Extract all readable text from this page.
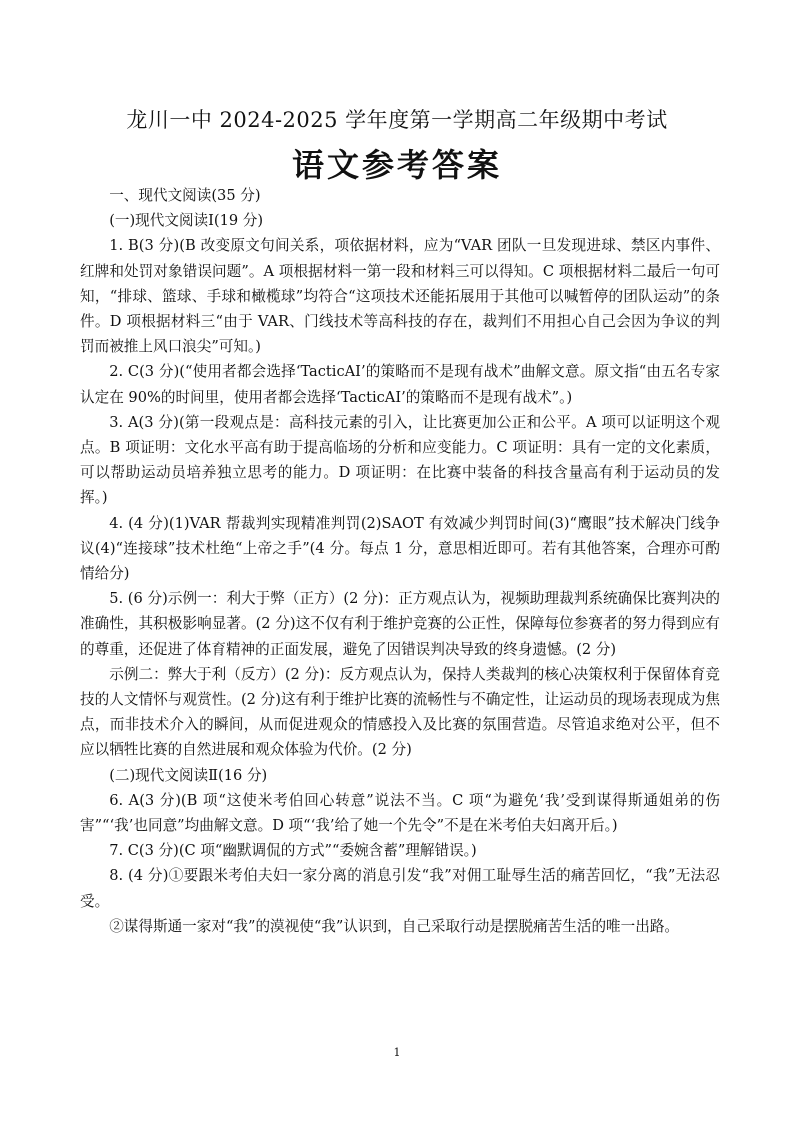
龙川一中 2024-2025 学年度第一学期高二年级期中考试
语文参考答案

一、现代文阅读(35 分)

(一)现代文阅读Ⅰ(19 分)

1. B(3 分)(B 改变原文句间关系，项依据材料，应为“VAR 团队一旦发现进球、禁区内事件、红牌和处罚对象错误问题”。A 项根据材料一第一段和材料三可以得知。C 项根据材料二最后一句可知，“排球、篮球、手球和橄榄球”均符合“这项技术还能拓展用于其他可以喊暂停的团队运动”的条件。D 项根据材料三“由于 VAR、门线技术等高科技的存在，裁判们不用担心自己会因为争议的判罚而被推上风口浪尖”可知。)

2. C(3 分)(“使用者都会选择‘TacticAI’的策略而不是现有战术”曲解文意。原文指“由五名专家认定在 90%的时间里，使用者都会选择‘TacticAI’的策略而不是现有战术”。)

3. A(3 分)(第一段观点是：高科技元素的引入，让比赛更加公正和公平。A 项可以证明这个观点。B 项证明：文化水平高有助于提高临场的分析和应变能力。C 项证明：具有一定的文化素质，可以帮助运动员培养独立思考的能力。D 项证明：在比赛中装备的科技含量高有利于运动员的发挥。)

4. (4 分)(1)VAR 帮裁判实现精准判罚(2)SAOT 有效减少判罚时间(3)“鹰眼”技术解决门线争议(4)“连接球”技术杜绝“上帝之手”(4 分。每点 1 分，意思相近即可。若有其他答案，合理亦可酌情给分)

5. (6 分)示例一：利大于弊（正方）(2 分)：正方观点认为，视频助理裁判系统确保比赛判决的准确性，其积极影响显著。(2 分)这不仅有利于维护竞赛的公正性，保障每位参赛者的努力得到应有的尊重，还促进了体育精神的正面发展，避免了因错误判决导致的终身遗憾。(2 分)

示例二：弊大于利（反方）(2 分)：反方观点认为，保持人类裁判的核心决策权利于保留体育竞技的人文情怀与观赏性。(2 分)这有利于维护比赛的流畅性与不确定性，让运动员的现场表现成为焦点，而非技术介入的瞬间，从而促进观众的情感投入及比赛的氛围营造。尽管追求绝对公平，但不应以牺牲比赛的自然进展和观众体验为代价。(2 分)

(二)现代文阅读Ⅱ(16 分)

6. A(3 分)(B 项“这使米考伯回心转意”说法不当。C 项“为避免‘我’受到谋得斯通姐弟的伤害”“‘我’也同意”均曲解文意。D 项“‘我’给了她一个先令”不是在米考伯夫妇离开后。)

7. C(3 分)(C 项“幽默调侃的方式”“委婉含蓄”理解错误。)

8. (4 分)①要跟米考伯夫妇一家分离的消息引发“我”对佣工耻辱生活的痛苦回忆，“我”无法忍受。

②谋得斯通一家对“我”的漠视使“我”认识到，自己采取行动是摆脱痛苦生活的唯一出路。

1
